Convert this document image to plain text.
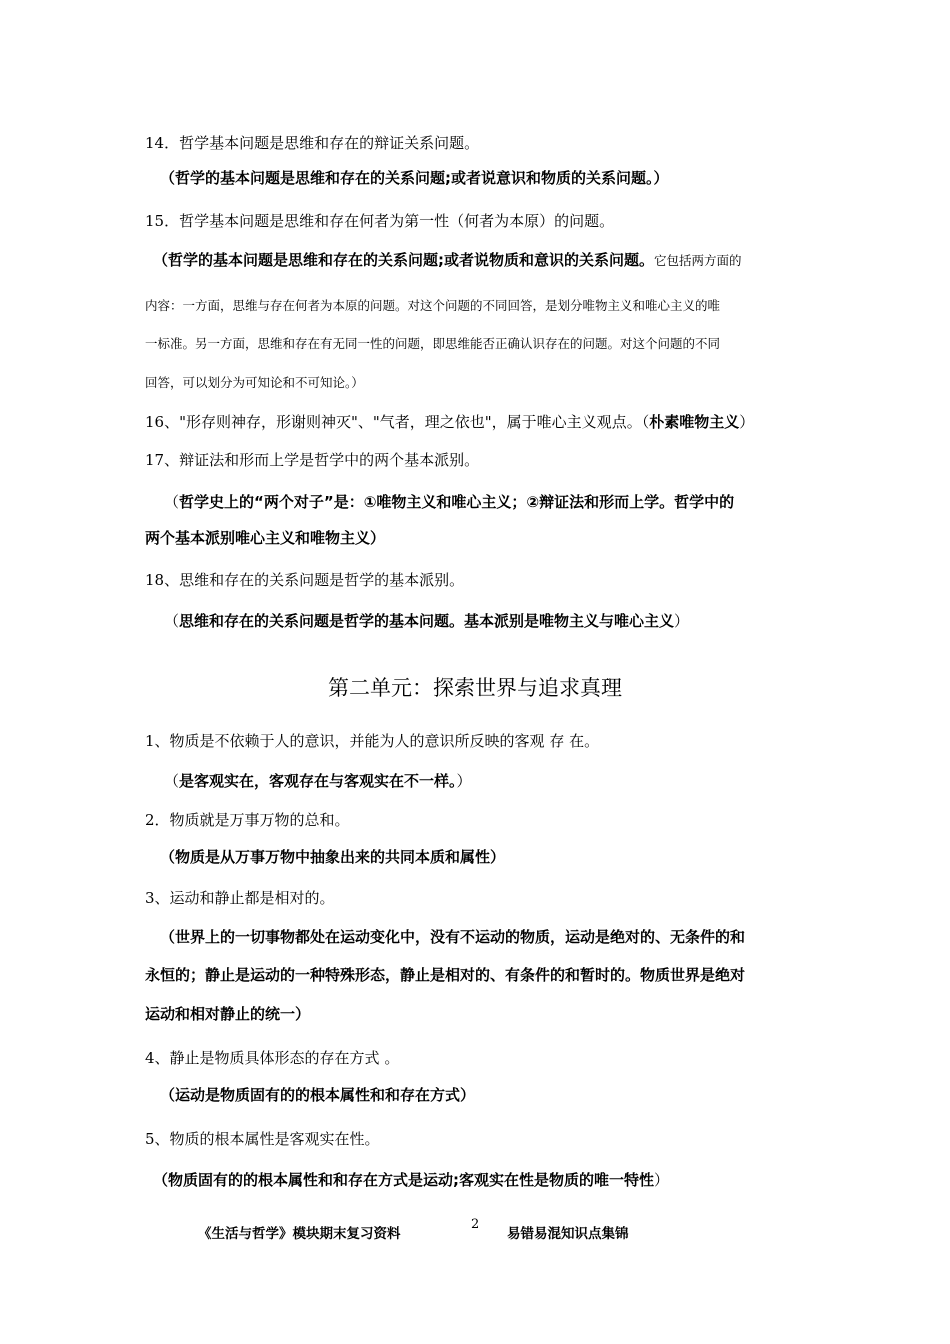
14．哲学基本问题是思维和存在的辩证关系问题。
（哲学的基本问题是思维和存在的关系问题;或者说意识和物质的关系问题。）
15．哲学基本问题是思维和存在何者为第一性（何者为本原）的问题。
（哲学的基本问题是思维和存在的关系问题;或者说物质和意识的关系问题。它包括两方面的
内容：一方面，思维与存在何者为本原的问题。对这个问题的不同回答，是划分唯物主义和唯心主义的唯
一标准。另一方面，思维和存在有无同一性的问题，即思维能否正确认识存在的问题。对这个问题的不同
回答，可以划分为可知论和不可知论。）
16、"形存则神存，形谢则神灭"、"气者，理之依也"，属于唯心主义观点。（朴素唯物主义）
17、辩证法和形而上学是哲学中的两个基本派别。
（哲学史上的“两个对子”是：①唯物主义和唯心主义；②辩证法和形而上学。哲学中的
两个基本派别唯心主义和唯物主义）
18、思维和存在的关系问题是哲学的基本派别。
（思维和存在的关系问题是哲学的基本问题。基本派别是唯物主义与唯心主义）
第二单元：探索世界与追求真理
1、物质是不依赖于人的意识，并能为人的意识所反映的客观 存 在。
（是客观实在，客观存在与客观实在不一样。）
2．物质就是万事万物的总和。
（物质是从万事万物中抽象出来的共同本质和属性）
3、运动和静止都是相对的。
（世界上的一切事物都处在运动变化中，没有不运动的物质，运动是绝对的、无条件的和
永恒的；静止是运动的一种特殊形态，静止是相对的、有条件的和暂时的。物质世界是绝对
运动和相对静止的统一）
4、静止是物质具体形态的存在方式 。
（运动是物质固有的的根本属性和和存在方式）
5、物质的根本属性是客观实在性。
（物质固有的的根本属性和和存在方式是运动;客观实在性是物质的唯一特性）
《生活与哲学》模块期末复习资料
2
易错易混知识点集锦
